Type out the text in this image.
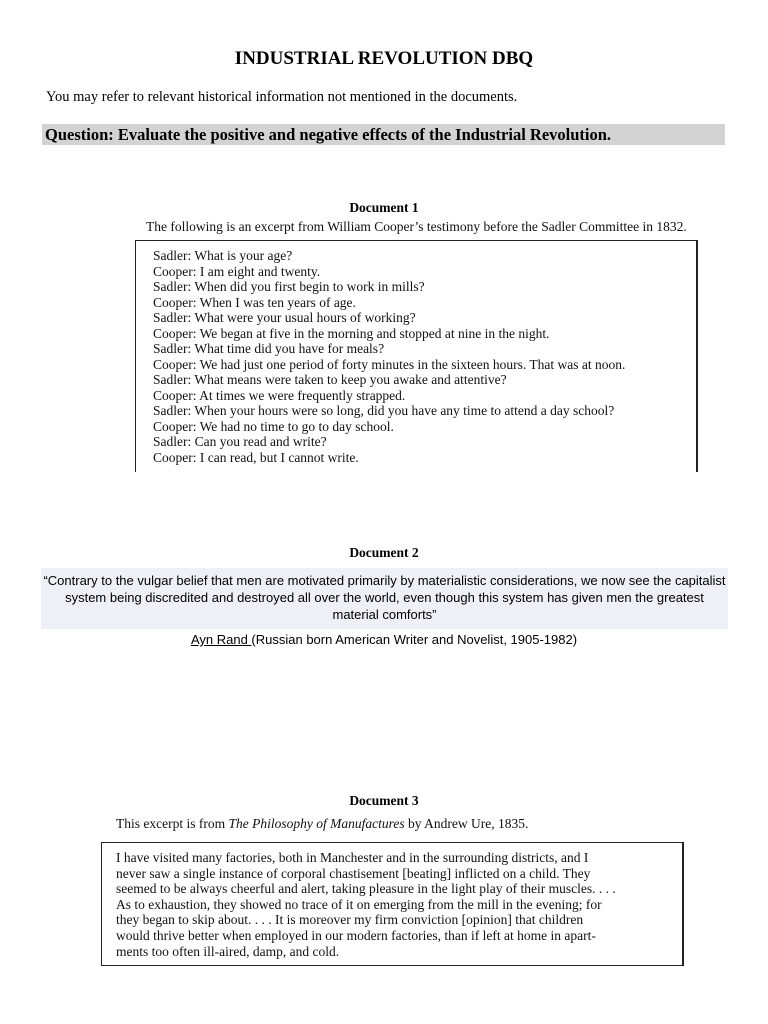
INDUSTRIAL REVOLUTION DBQ
You may refer to relevant historical information not mentioned in the documents.
Question: Evaluate the positive and negative effects of the Industrial Revolution.
Document 1
The following is an excerpt from William Cooper’s testimony before the Sadler Committee in 1832.
Sadler: What is your age?
Cooper: I am eight and twenty.
Sadler: When did you first begin to work in mills?
Cooper: When I was ten years of age.
Sadler: What were your usual hours of working?
Cooper: We began at five in the morning and stopped at nine in the night.
Sadler: What time did you have for meals?
Cooper: We had just one period of forty minutes in the sixteen hours. That was at noon.
Sadler: What means were taken to keep you awake and attentive?
Cooper: At times we were frequently strapped.
Sadler: When your hours were so long, did you have any time to attend a day school?
Cooper: We had no time to go to day school.
Sadler: Can you read and write?
Cooper: I can read, but I cannot write.
Document 2
“Contrary to the vulgar belief that men are motivated primarily by materialistic considerations, we now see the capitalist system being discredited and destroyed all over the world, even though this system has given men the greatest material comforts”
Ayn Rand (Russian born American Writer and Novelist, 1905-1982)
Document 3
This excerpt is from The Philosophy of Manufactures by Andrew Ure, 1835.
I have visited many factories, both in Manchester and in the surrounding districts, and I
never saw a single instance of corporal chastisement [beating] inflicted on a child. They
seemed to be always cheerful and alert, taking pleasure in the light play of their muscles. . . .
As to exhaustion, they showed no trace of it on emerging from the mill in the evening; for
they began to skip about. . . . It is moreover my firm conviction [opinion] that children
would thrive better when employed in our modern factories, than if left at home in apart-
ments too often ill-aired, damp, and cold.
